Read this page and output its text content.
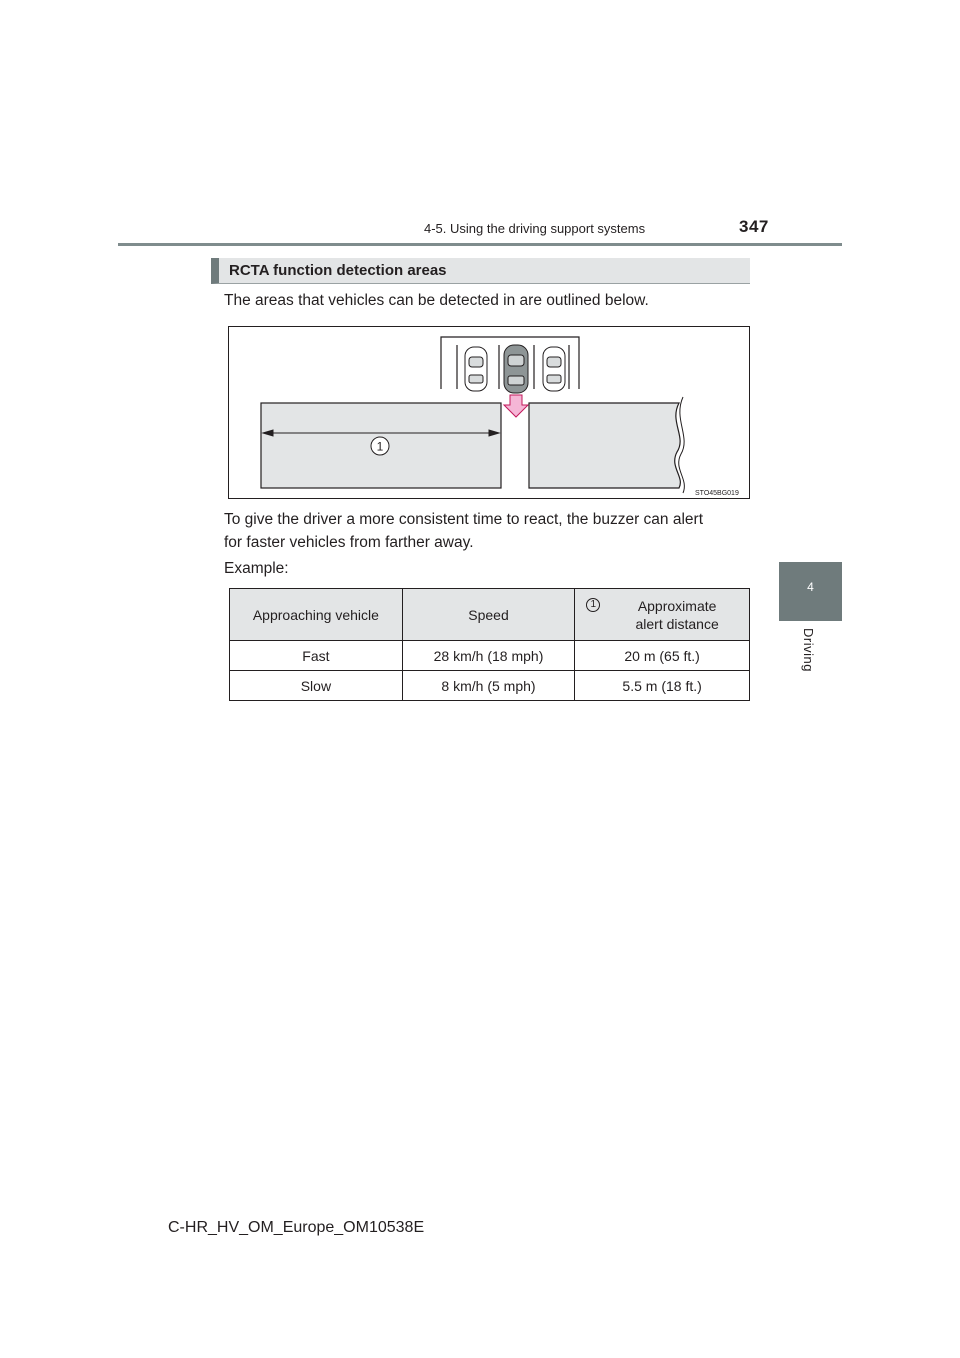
4-5. Using the driving support systems	347
4
Driving
RCTA function detection areas
The areas that vehicles can be detected in are outlined below.
1
STO45BG019
To give the driver a more consistent time to react, the buzzer can alert
for faster vehicles from farther away.
Example:
Approaching vehicle	Speed	1 Approximate
alert distance
Fast	28 km/h (18 mph)	20 m (65 ft.)
Slow	8 km/h (5 mph)	5.5 m (18 ft.)
C-HR_HV_OM_Europe_OM10538E
